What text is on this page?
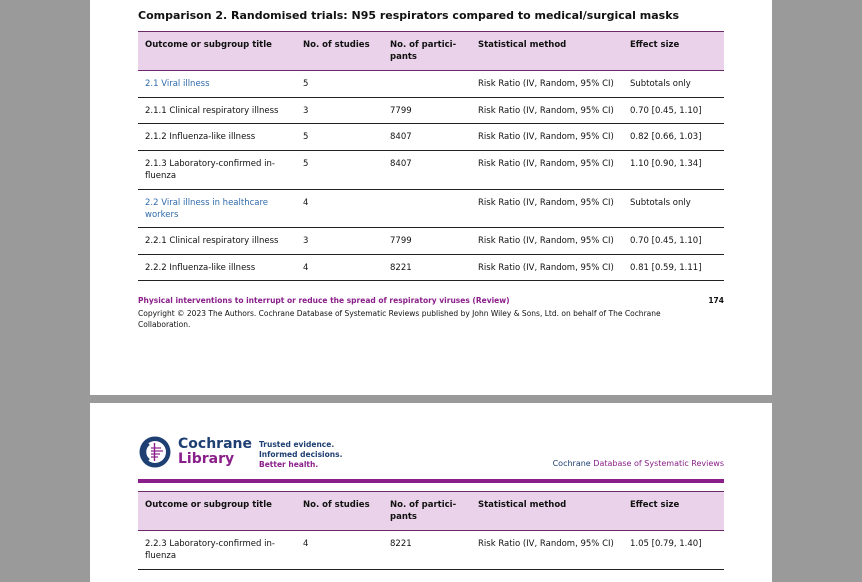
Comparison 2. Randomised trials: N95 respirators compared to medical/surgical masks
Outcome or subgroup title	No. of studies	No. of partici-pants	Statistical method	Effect size
2.1 Viral illness	5		Risk Ratio (IV, Random, 95% CI)	Subtotals only
2.1.1 Clinical respiratory illness	3	7799	Risk Ratio (IV, Random, 95% CI)	0.70 [0.45, 1.10]
2.1.2 Influenza-like illness	5	8407	Risk Ratio (IV, Random, 95% CI)	0.82 [0.66, 1.03]
2.1.3 Laboratory-confirmed in-fluenza	5	8407	Risk Ratio (IV, Random, 95% CI)	1.10 [0.90, 1.34]
2.2 Viral illness in healthcare workers	4		Risk Ratio (IV, Random, 95% CI)	Subtotals only
2.2.1 Clinical respiratory illness	3	7799	Risk Ratio (IV, Random, 95% CI)	0.70 [0.45, 1.10]
2.2.2 Influenza-like illness	4	8221	Risk Ratio (IV, Random, 95% CI)	0.81 [0.59, 1.11]
Physical interventions to interrupt or reduce the spread of respiratory viruses (Review)	174
Copyright © 2023 The Authors. Cochrane Database of Systematic Reviews published by John Wiley & Sons, Ltd. on behalf of The Cochrane Collaboration.
Cochrane
Library
Trusted evidence.
Informed decisions.
Better health.	Cochrane Database of Systematic Reviews
Outcome or subgroup title	No. of studies	No. of partici-pants	Statistical method	Effect size
2.2.3 Laboratory-confirmed in-fluenza	4	8221	Risk Ratio (IV, Random, 95% CI)	1.05 [0.79, 1.40]
